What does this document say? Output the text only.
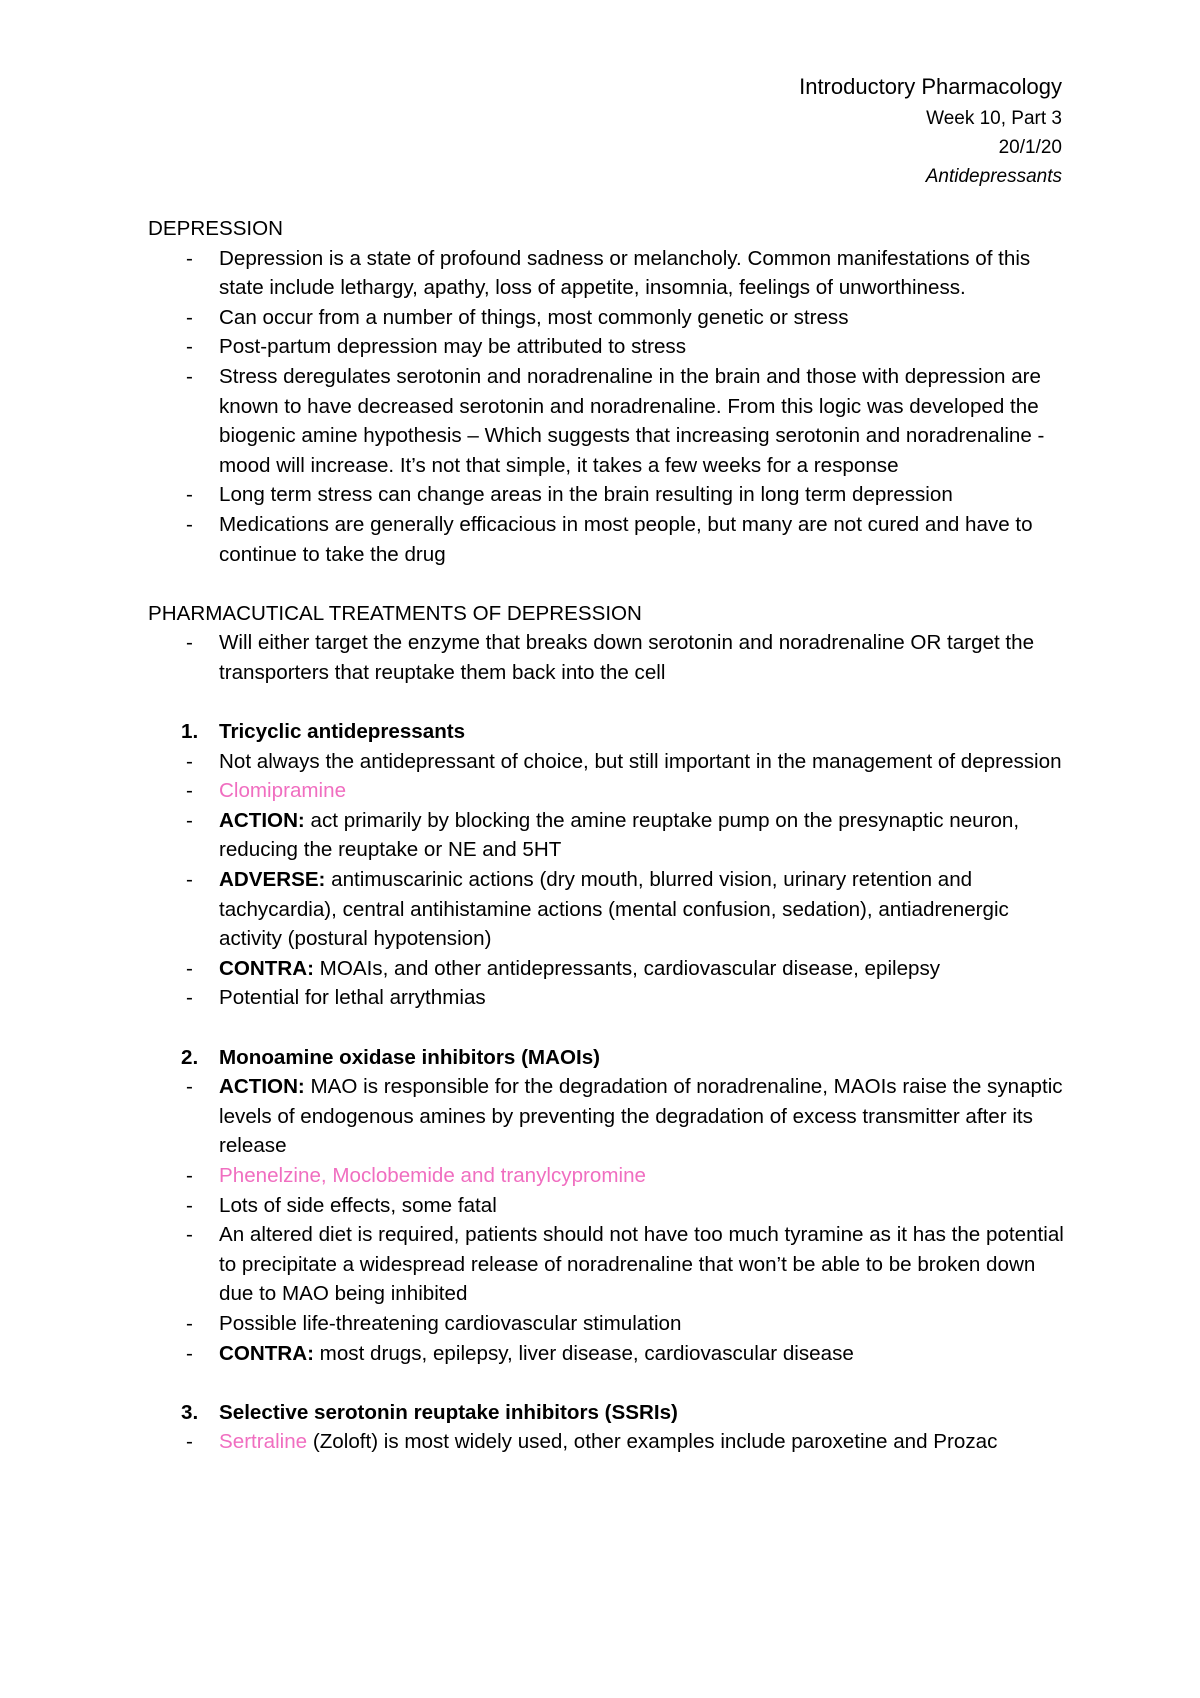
Introductory Pharmacology
Week 10, Part 3
20/1/20
Antidepressants
DEPRESSION
- Depression is a state of profound sadness or melancholy. Common manifestations of this state include lethargy, apathy, loss of appetite, insomnia, feelings of unworthiness.
- Can occur from a number of things, most commonly genetic or stress
- Post-partum depression may be attributed to stress
- Stress deregulates serotonin and noradrenaline in the brain and those with depression are known to have decreased serotonin and noradrenaline. From this logic was developed the biogenic amine hypothesis – Which suggests that increasing serotonin and noradrenaline - mood will increase. It’s not that simple, it takes a few weeks for a response
- Long term stress can change areas in the brain resulting in long term depression
- Medications are generally efficacious in most people, but many are not cured and have to continue to take the drug
PHARMACUTICAL TREATMENTS OF DEPRESSION
- Will either target the enzyme that breaks down serotonin and noradrenaline OR target the transporters that reuptake them back into the cell
1. Tricyclic antidepressants
- Not always the antidepressant of choice, but still important in the management of depression
- Clomipramine
- ACTION: act primarily by blocking the amine reuptake pump on the presynaptic neuron, reducing the reuptake or NE and 5HT
- ADVERSE: antimuscarinic actions (dry mouth, blurred vision, urinary retention and tachycardia), central antihistamine actions (mental confusion, sedation), antiadrenergic activity (postural hypotension)
- CONTRA: MOAIs, and other antidepressants, cardiovascular disease, epilepsy
- Potential for lethal arrythmias
2. Monoamine oxidase inhibitors (MAOIs)
- ACTION: MAO is responsible for the degradation of noradrenaline, MAOIs raise the synaptic levels of endogenous amines by preventing the degradation of excess transmitter after its release
- Phenelzine, Moclobemide and tranylcypromine
- Lots of side effects, some fatal
- An altered diet is required, patients should not have too much tyramine as it has the potential to precipitate a widespread release of noradrenaline that won’t be able to be broken down due to MAO being inhibited
- Possible life-threatening cardiovascular stimulation
- CONTRA: most drugs, epilepsy, liver disease, cardiovascular disease
3. Selective serotonin reuptake inhibitors (SSRIs)
- Sertraline (Zoloft) is most widely used, other examples include paroxetine and Prozac
